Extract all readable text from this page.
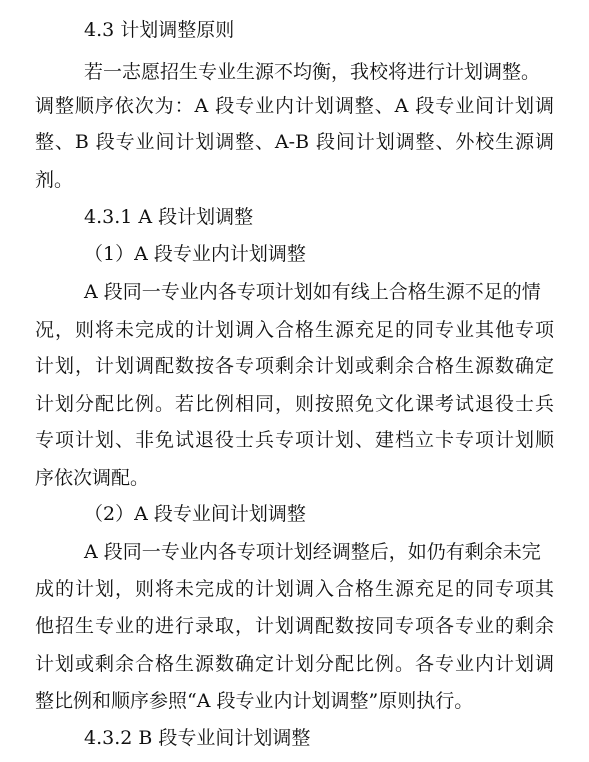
4.3 计划调整原则
若一志愿招生专业生源不均衡，我校将进行计划调整。
调整顺序依次为：A 段专业内计划调整、A 段专业间计划调
整、B 段专业间计划调整、A-B 段间计划调整、外校生源调
剂。
4.3.1 A 段计划调整
（1）A 段专业内计划调整
A 段同一专业内各专项计划如有线上合格生源不足的情
况，则将未完成的计划调入合格生源充足的同专业其他专项
计划，计划调配数按各专项剩余计划或剩余合格生源数确定
计划分配比例。若比例相同，则按照免文化课考试退役士兵
专项计划、非免试退役士兵专项计划、建档立卡专项计划顺
序依次调配。
（2）A 段专业间计划调整
A 段同一专业内各专项计划经调整后，如仍有剩余未完
成的计划，则将未完成的计划调入合格生源充足的同专项其
他招生专业的进行录取，计划调配数按同专项各专业的剩余
计划或剩余合格生源数确定计划分配比例。各专业内计划调
整比例和顺序参照“A 段专业内计划调整”原则执行。
4.3.2 B 段专业间计划调整
